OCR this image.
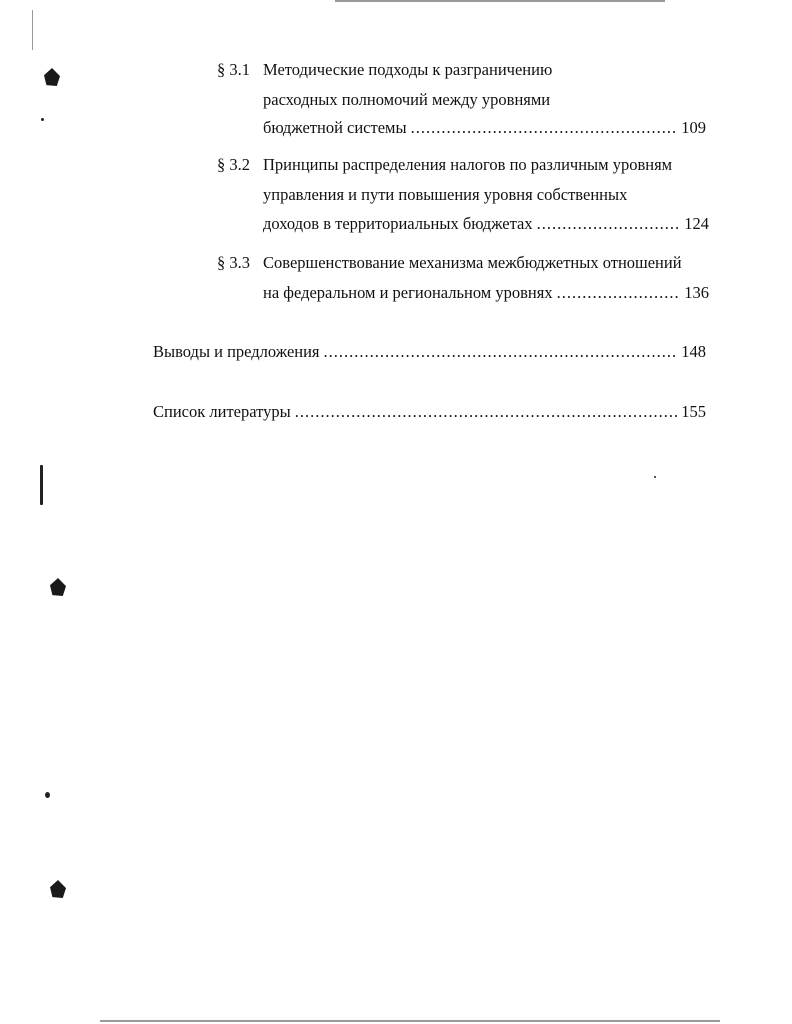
§ 3.1 Методические подходы к разграничению
расходных полномочий между уровнями
бюджетной системы .....	109
§ 3.2 Принципы распределения налогов по различным уровням
управления и пути повышения уровня собственных
доходов в территориальных бюджетах .....	124
§ 3.3 Совершенствование механизма межбюджетных отношений
на федеральном и региональном уровнях .....	136
Выводы и предложения .....	148
Список литературы .....	155
